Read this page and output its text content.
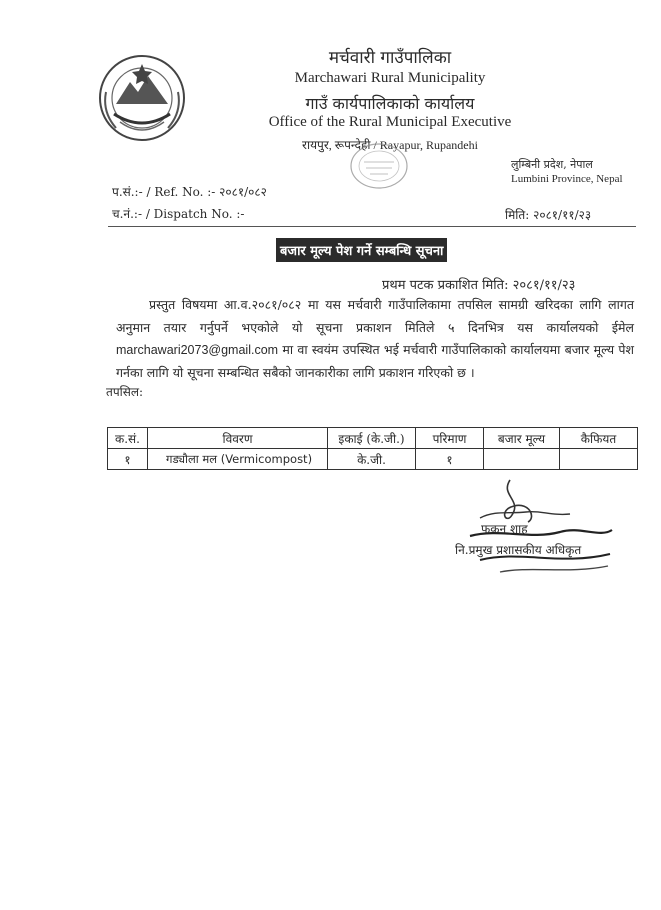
मर्चवारी गाउँपालिका
Marchawari Rural Municipality
गाउँ कार्यपालिकाको कार्यालय
Office of the Rural Municipal Executive
रायपुर, रूपन्देही / Rayapur, Rupandehi
लुम्बिनी प्रदेश, नेपाल
Lumbini Province, Nepal
प.सं.:- / Ref. No. :- २०८१/०८२
च.नं.:- / Dispatch No. :-	मिति: २०८१/११/२३
बजार मूल्य पेश गर्ने सम्बन्धि सूचना
प्रथम पटक प्रकाशित मिति: २०८१/११/२३
प्रस्तुत विषयमा आ.व.२०८१/०८२ मा यस मर्चवारी गाउँपालिकामा तपसिल सामग्री खरिदका लागि लागत अनुमान तयार गर्नुपर्ने भएकोले यो सूचना प्रकाशन मितिले ५ दिनभित्र यस कार्यालयको ईमेल marchawari2073@gmail.com मा वा स्वयंम उपस्थित भई मर्चवारी गाउँपालिकाको कार्यालयमा बजार मूल्य पेश गर्नका लागि यो सूचना सम्बन्धित सबैको जानकारीका लागि प्रकाशन गरिएको छ ।
तपसिल:
क.सं.	विवरण	इकाई (के.जी.)	परिमाण	बजार मूल्य	कैफियत
१	गड्यौला मल (Vermicompost)	के.जी.	१		
फकन शाह
नि.प्रमुख प्रशासकीय अधिकृत
